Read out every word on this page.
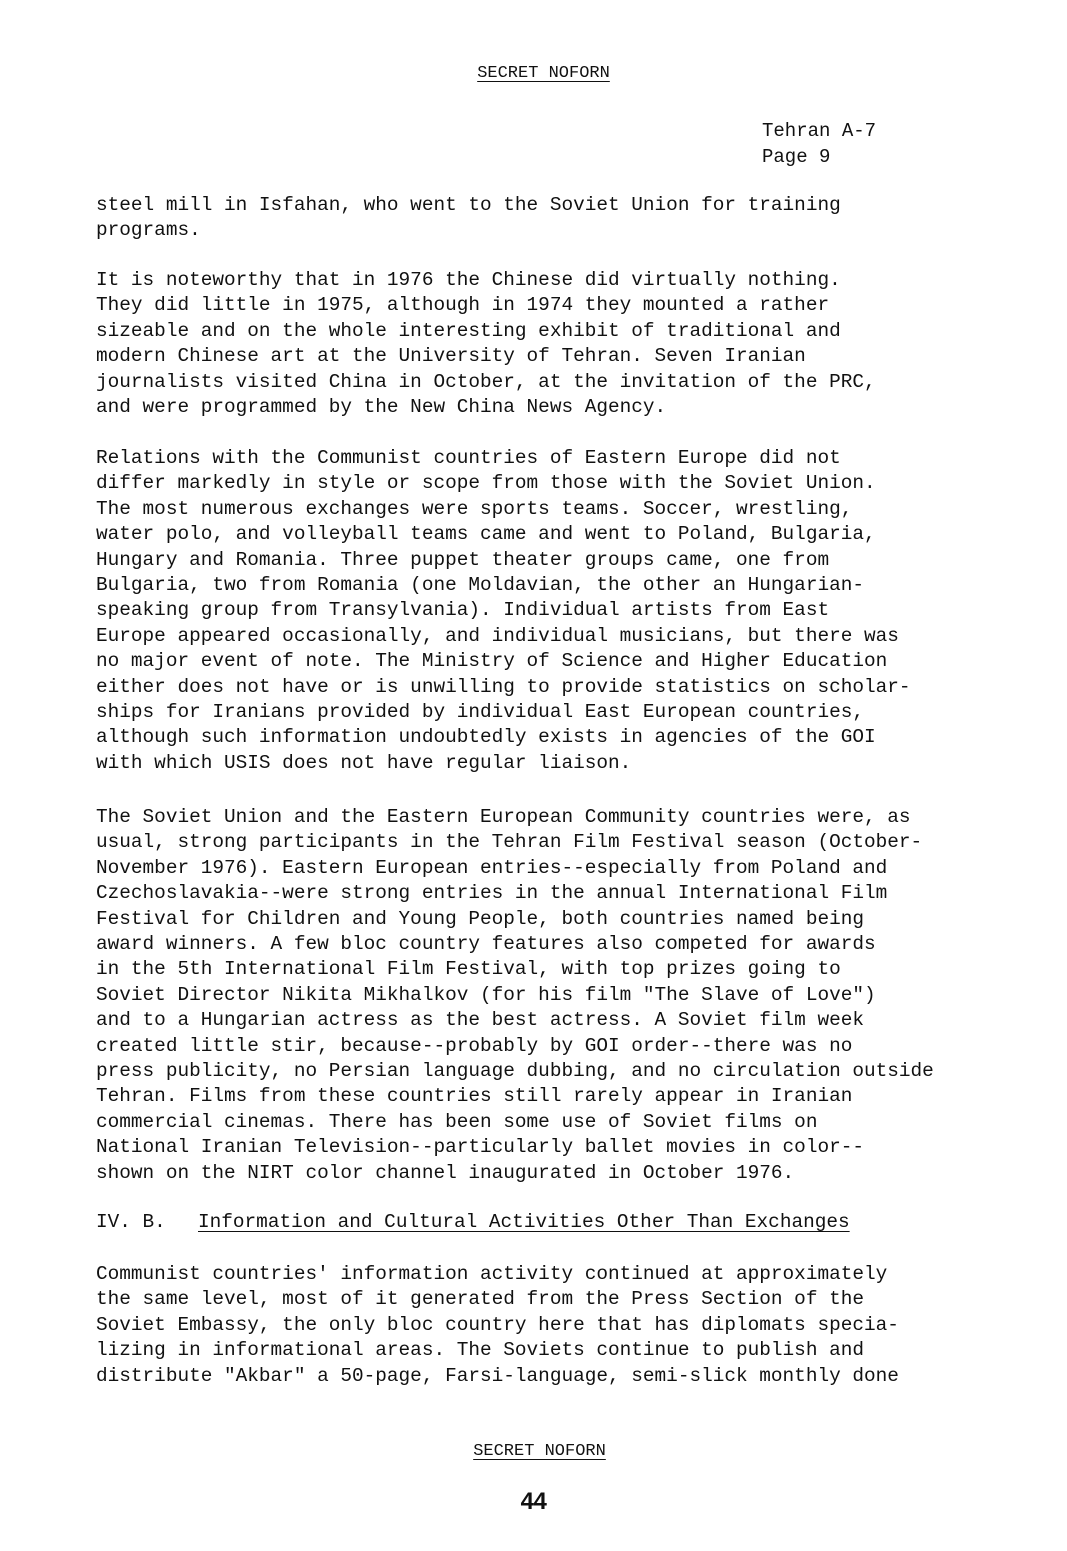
SECRET NOFORN
Tehran A-7
Page 9

steel mill in Isfahan, who went to the Soviet Union for training
programs.

It is noteworthy that in 1976 the Chinese did virtually nothing.
They did little in 1975, although in 1974 they mounted a rather
sizeable and on the whole interesting exhibit of traditional and
modern Chinese art at the University of Tehran. Seven Iranian
journalists visited China in October, at the invitation of the PRC,
and were programmed by the New China News Agency.

Relations with the Communist countries of Eastern Europe did not
differ markedly in style or scope from those with the Soviet Union.
The most numerous exchanges were sports teams. Soccer, wrestling,
water polo, and volleyball teams came and went to Poland, Bulgaria,
Hungary and Romania. Three puppet theater groups came, one from
Bulgaria, two from Romania (one Moldavian, the other an Hungarian-
speaking group from Transylvania). Individual artists from East
Europe appeared occasionally, and individual musicians, but there was
no major event of note. The Ministry of Science and Higher Education
either does not have or is unwilling to provide statistics on scholar-
ships for Iranians provided by individual East European countries,
although such information undoubtedly exists in agencies of the GOI
with which USIS does not have regular liaison.

The Soviet Union and the Eastern European Community countries were, as
usual, strong participants in the Tehran Film Festival season (October-
November 1976). Eastern European entries--especially from Poland and
Czechoslavakia--were strong entries in the annual International Film
Festival for Children and Young People, both countries named being
award winners. A few bloc country features also competed for awards
in the 5th International Film Festival, with top prizes going to
Soviet Director Nikita Mikhalkov (for his film "The Slave of Love")
and to a Hungarian actress as the best actress. A Soviet film week
created little stir, because--probably by GOI order--there was no
press publicity, no Persian language dubbing, and no circulation outside
Tehran. Films from these countries still rarely appear in Iranian
commercial cinemas. There has been some use of Soviet films on
National Iranian Television--particularly ballet movies in color--
shown on the NIRT color channel inaugurated in October 1976.

IV. B. Information and Cultural Activities Other Than Exchanges

Communist countries' information activity continued at approximately
the same level, most of it generated from the Press Section of the
Soviet Embassy, the only bloc country here that has diplomats specia-
lizing in informational areas. The Soviets continue to publish and
distribute "Akbar" a 50-page, Farsi-language, semi-slick monthly done

SECRET NOFORN
44
